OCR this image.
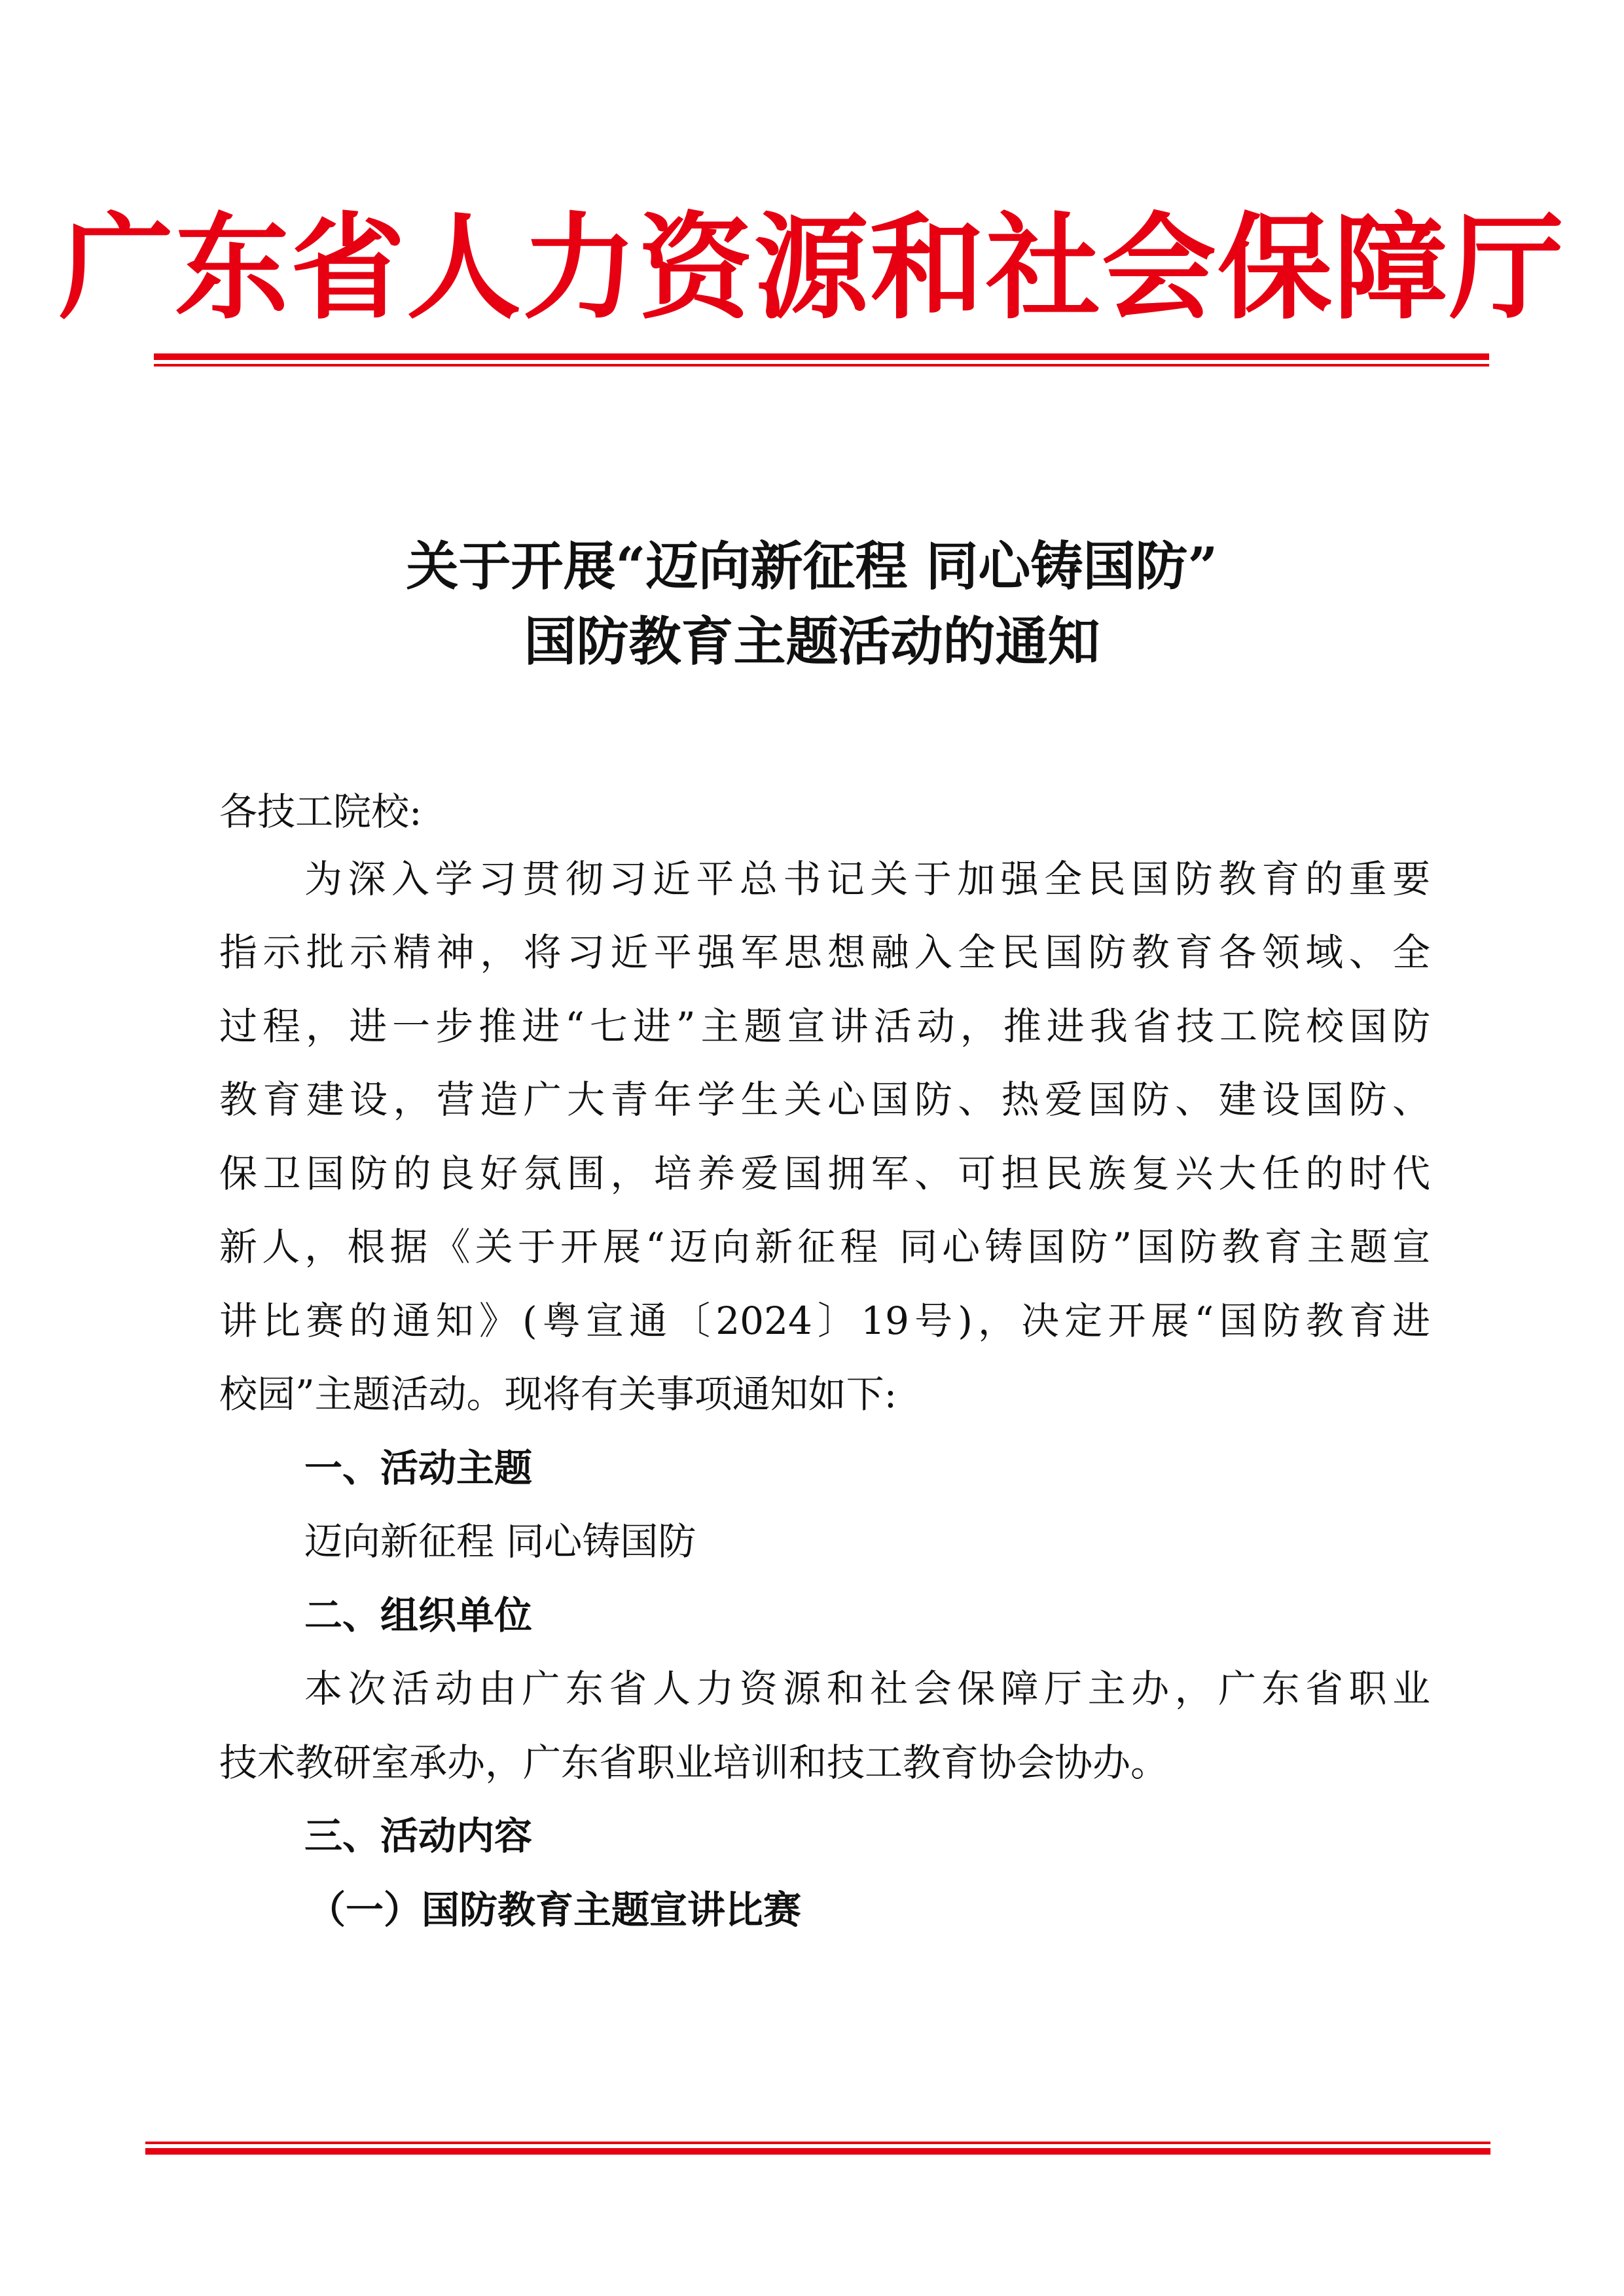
广东省人力资源和社会保障厅
关于开展“迈向新征程 同心铸国防”
国防教育主题活动的通知
各技工院校:
为深入学习贯彻习近平总书记关于加强全民国防教育的重要
指示批示精神，将习近平强军思想融入全民国防教育各领域、全
过程，进一步推进“七进”主题宣讲活动，推进我省技工院校国防
教育建设，营造广大青年学生关心国防、热爱国防、建设国防、
保卫国防的良好氛围，培养爱国拥军、可担民族复兴大任的时代
新人，根据《关于开展“迈向新征程 同心铸国防”国防教育主题宣
讲比赛的通知》(粤宣通〔2024〕19号)，决定开展“国防教育进
校园”主题活动。现将有关事项通知如下:
一、活动主题
迈向新征程 同心铸国防
二、组织单位
本次活动由广东省人力资源和社会保障厅主办，广东省职业
技术教研室承办，广东省职业培训和技工教育协会协办。
三、活动内容
（一）国防教育主题宣讲比赛
